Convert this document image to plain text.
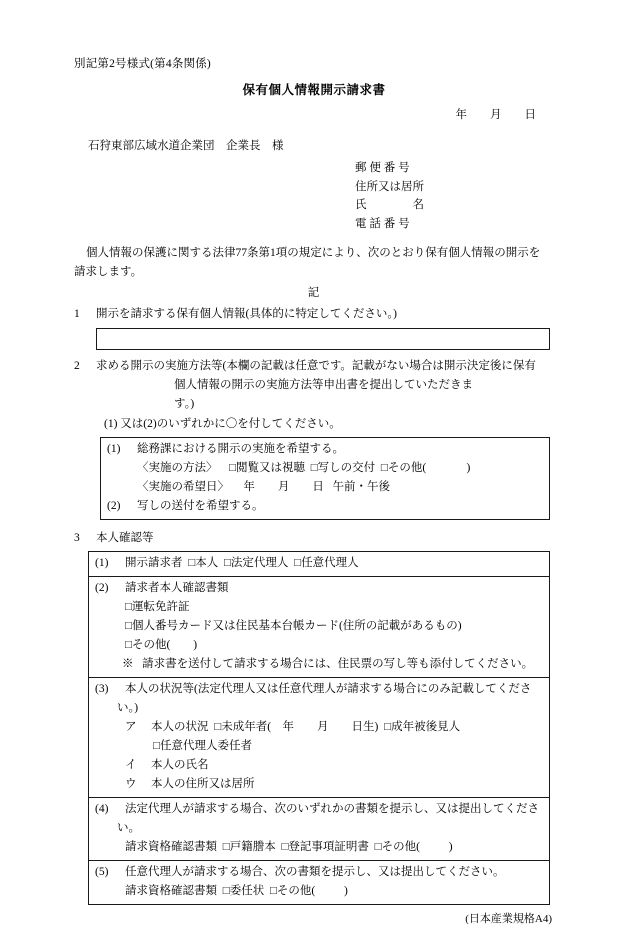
別記第2号様式(第4条関係)
保有個人情報開示請求書
年        月        日
石狩東部広域水道企業団　企業長　様
郵 便 番 号
住所又は居所
氏　　　　名
電 話 番 号
個人情報の保護に関する法律77条第1項の規定により、次のとおり保有個人情報の開示を
請求します。
記
1	開示を請求する保有個人情報(具体的に特定してください。)
2	求める開示の実施方法等(本欄の記載は任意です。記載がない場合は開示決定後に保有
個人情報の開示の実施方法等申出書を提出していただきま
す。)
(1) 又は(2)のいずれかに〇を付してください。
(1) 総務課における開示の実施を希望する。
〈実施の方法〉 □閲覧又は視聴 □写しの交付 □その他(	)
〈実施の希望日〉 年        月        日 午前・午後
(2) 写しの送付を希望する。
3	本人確認等
(1) 開示請求者 □本人 □法定代理人 □任意代理人

(2) 請求者本人確認書類
□運転免許証
□個人番号カード又は住民基本台帳カード(住所の記載があるもの)
□その他( )
※ 請求書を送付して請求する場合には、住民票の写し等も添付してください。

(3) 本人の状況等(法定代理人又は任意代理人が請求する場合にのみ記載してくださ
い。)
ア 本人の状況 □未成年者( 年        月        日生) □成年被後見人
□任意代理人委任者
イ 本人の氏名
ウ 本人の住所又は居所

(4) 法定代理人が請求する場合、次のいずれかの書類を提示し、又は提出してくださ
い。
請求資格確認書類 □戸籍謄本 □登記事項証明書 □その他(	)

(5) 任意代理人が請求する場合、次の書類を提示し、又は提出してください。
請求資格確認書類 □委任状 □その他(	)
(日本産業規格A4)
